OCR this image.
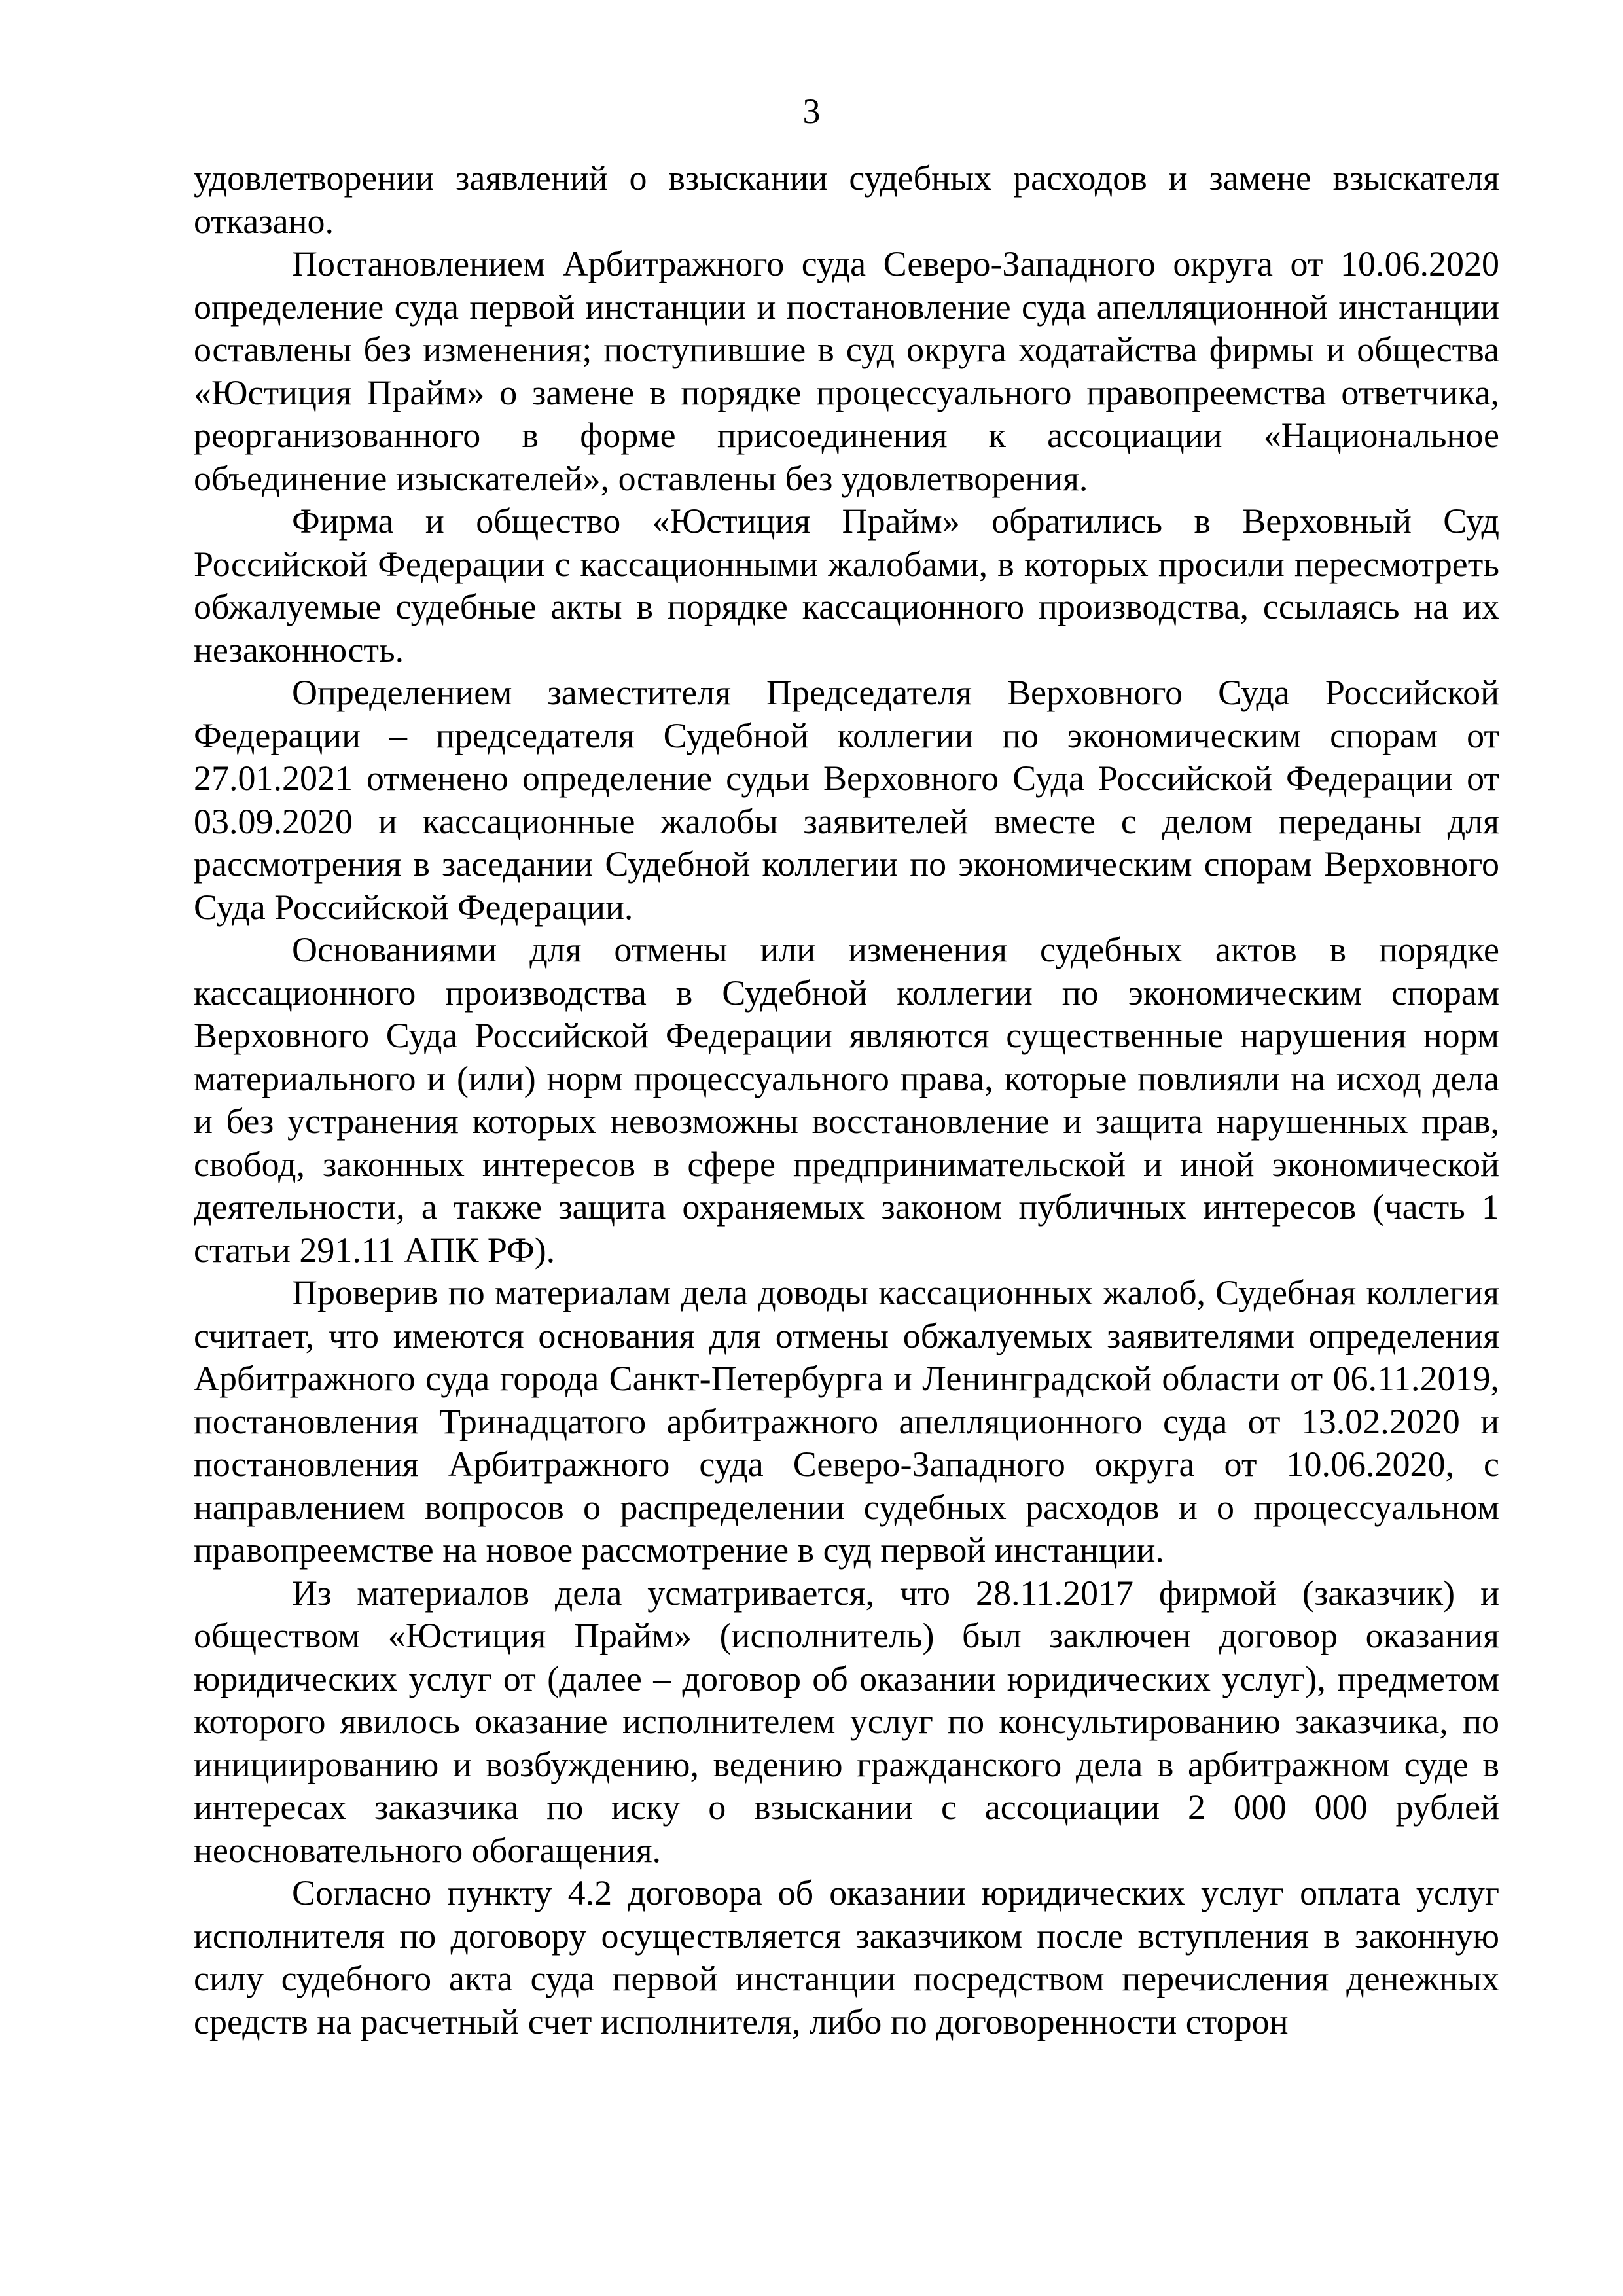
3

удовлетворении заявлений о взыскании судебных расходов и замене взыскателя отказано.

Постановлением Арбитражного суда Северо-Западного округа от 10.06.2020 определение суда первой инстанции и постановление суда апелляционной инстанции оставлены без изменения; поступившие в суд округа ходатайства фирмы и общества «Юстиция Прайм» о замене в порядке процессуального правопреемства ответчика, реорганизованного в форме присоединения к ассоциации «Национальное объединение изыскателей», оставлены без удовлетворения.

Фирма и общество «Юстиция Прайм» обратились в Верховный Суд Российской Федерации с кассационными жалобами, в которых просили пересмотреть обжалуемые судебные акты в порядке кассационного производства, ссылаясь на их незаконность.

Определением заместителя Председателя Верховного Суда Российской Федерации – председателя Судебной коллегии по экономическим спорам от 27.01.2021 отменено определение судьи Верховного Суда Российской Федерации от 03.09.2020 и кассационные жалобы заявителей вместе с делом переданы для рассмотрения в заседании Судебной коллегии по экономическим спорам Верховного Суда Российской Федерации.

Основаниями для отмены или изменения судебных актов в порядке кассационного производства в Судебной коллегии по экономическим спорам Верховного Суда Российской Федерации являются существенные нарушения норм материального и (или) норм процессуального права, которые повлияли на исход дела и без устранения которых невозможны восстановление и защита нарушенных прав, свобод, законных интересов в сфере предпринимательской и иной экономической деятельности, а также защита охраняемых законом публичных интересов (часть 1 статьи 291.11 АПК РФ).

Проверив по материалам дела доводы кассационных жалоб, Судебная коллегия считает, что имеются основания для отмены обжалуемых заявителями определения Арбитражного суда города Санкт-Петербурга и Ленинградской области от 06.11.2019, постановления Тринадцатого арбитражного апелляционного суда от 13.02.2020 и постановления Арбитражного суда Северо-Западного округа от 10.06.2020, с направлением вопросов о распределении судебных расходов и о процессуальном правопреемстве на новое рассмотрение в суд первой инстанции.

Из материалов дела усматривается, что 28.11.2017 фирмой (заказчик) и обществом «Юстиция Прайм» (исполнитель) был заключен договор оказания юридических услуг от (далее – договор об оказании юридических услуг), предметом которого явилось оказание исполнителем услуг по консультированию заказчика, по инициированию и возбуждению, ведению гражданского дела в арбитражном суде в интересах заказчика по иску о взыскании с ассоциации 2 000 000 рублей неосновательного обогащения.

Согласно пункту 4.2 договора об оказании юридических услуг оплата услуг исполнителя по договору осуществляется заказчиком после вступления в законную силу судебного акта суда первой инстанции посредством перечисления денежных средств на расчетный счет исполнителя, либо по договоренности сторон
